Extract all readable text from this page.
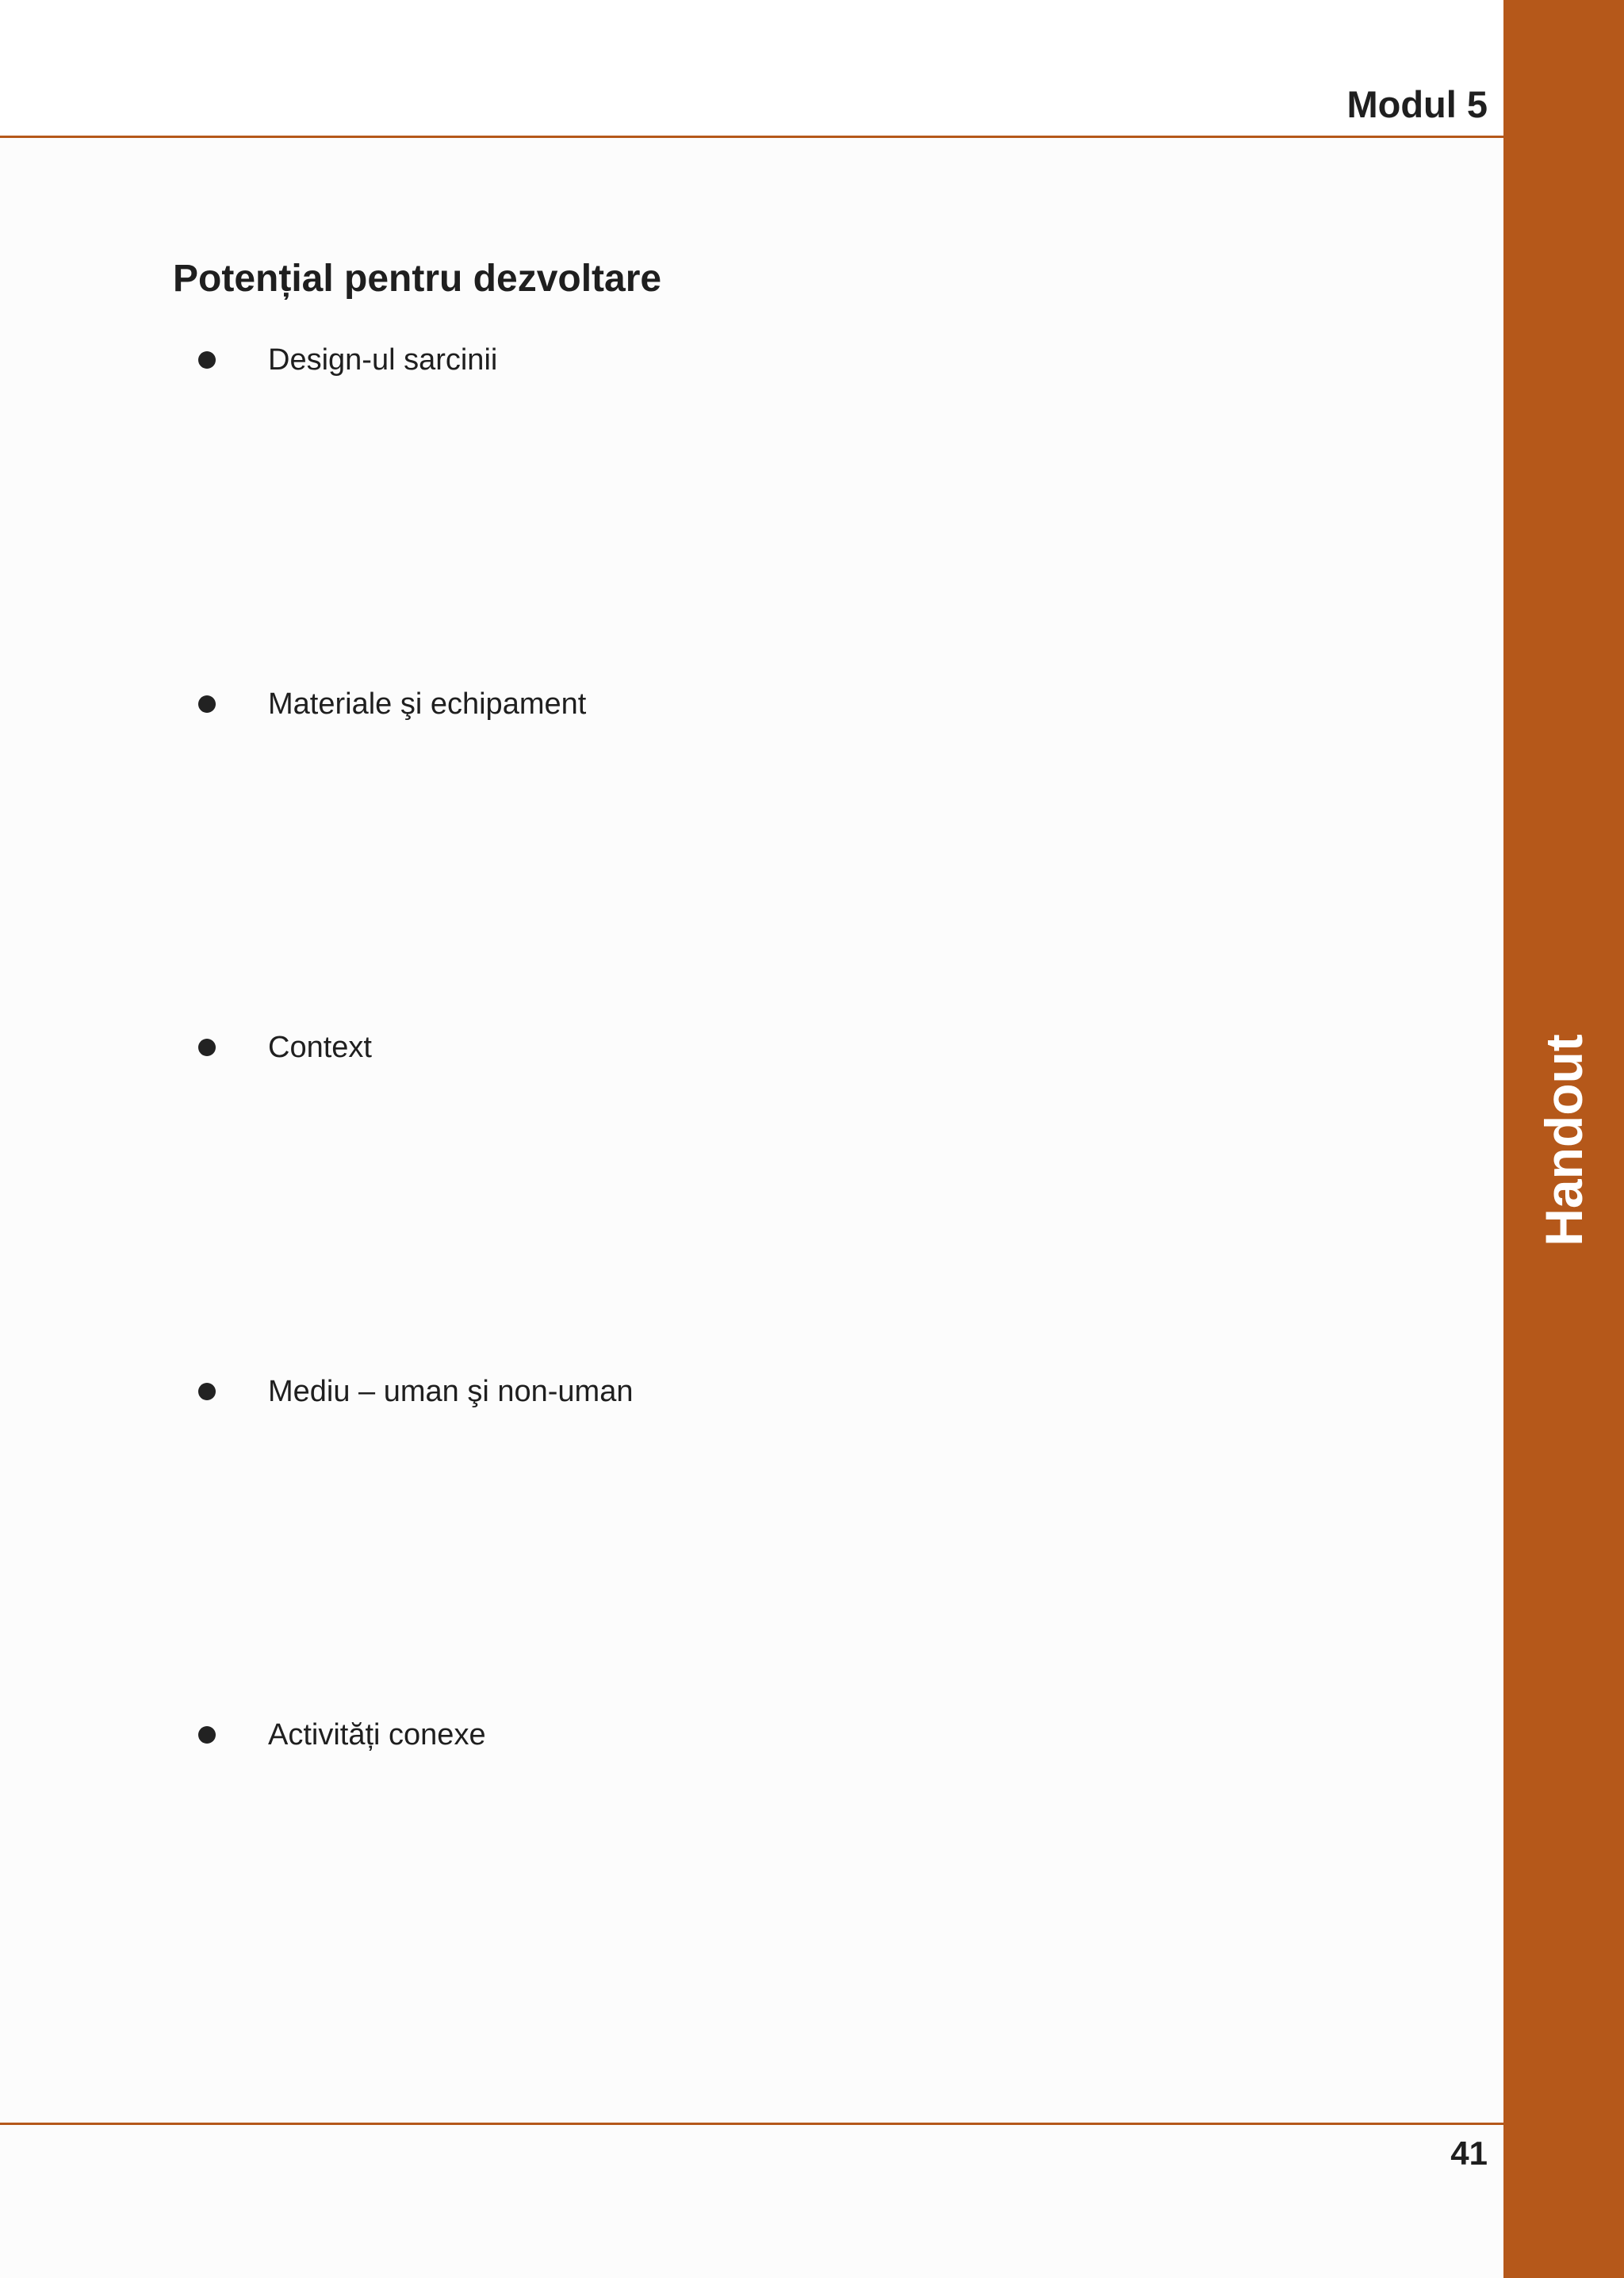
Modul 5
Handout
Potențial pentru dezvoltare
Design-ul sarcinii
Materiale şi echipament
Context
Mediu – uman şi non-uman
Activități conexe
41
